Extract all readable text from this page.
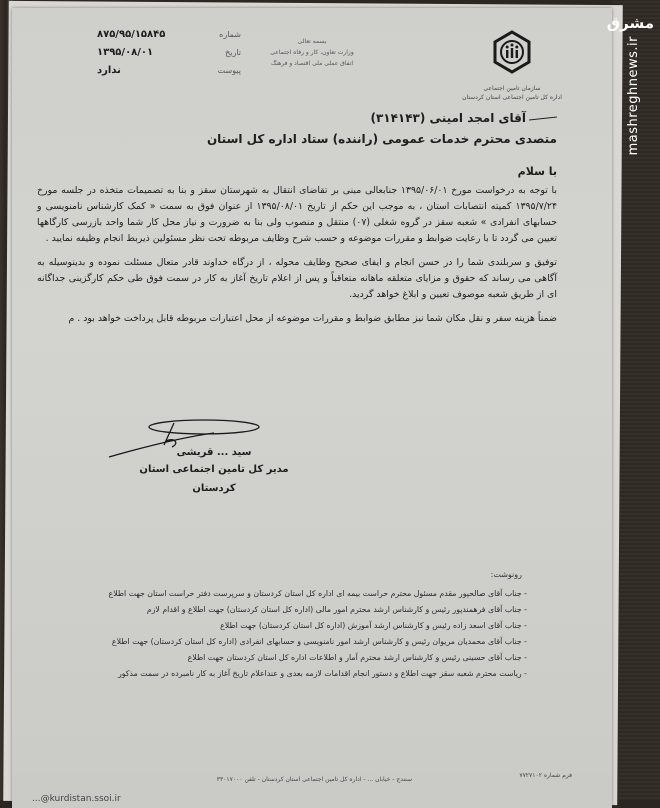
شماره
۸۷۵/۹۵/۱۵۸۴۵
تاریخ
۱۳۹۵/۰۸/۰۱
پیوست
ندارد
بسمه تعالی
وزارت تعاون، کار و رفاه اجتماعی
اتفاق عملی ملی اقتصاد و فرهنگ
سازمان تامین اجتماعی
اداره کل تامین اجتماعی استان کردستان
آقای امجد امینی (۳۱۴۱۴۳)
متصدی محترم خدمات عمومی (راننده) ستاد اداره کل استان
با سلام

با توجه به درخواست مورخ ۱۳۹۵/۰۶/۰۱ جنابعالی مبنی بر تقاضای انتقال به شهرستان سقز و بنا به تصمیمات متخذه در جلسه مورخ ۱۳۹۵/۷/۲۴ کمیته انتصابات استان ، به موجب این حکم از تاریخ ۱۳۹۵/۰۸/۰۱ از عنوان فوق به سمت « کمک کارشناس نامنویسی و حسابهای انفرادی » شعبه سقز در گروه شغلی (۰۷) منتقل و منصوب ولی بنا به ضرورت و نیاز محل کار شما واحد بازرسی کارگاهها تعیین می گردد تا با رعایت ضوابط و مقررات موضوعه و حسب شرح وظایف مربوطه تحت نظر مسئولین ذیربط انجام وظیفه نمایید .

توفیق و سربلندی شما را در حسن انجام و ایفای صحیح وظایف محوله ، از درگاه خداوند قادر متعال مسئلت نموده و بدینوسیله به آگاهی می رساند که حقوق و مزایای متعلقه ماهانه متعاقباً و پس از اعلام تاریخ آغاز به کار در سمت فوق طی حکم کارگزینی جداگانه ای از طریق شعبه موصوف تعیین و ابلاغ خواهد گردید.

ضمناً هزینه سفر و نقل مکان شما نیز مطابق ضوابط و مقررات موضوعه از محل اعتبارات مربوطه قابل پرداخت خواهد بود . م

سید ... قریشی
مدیر کل تامین اجتماعی استان
کردستان
رونوشت:
- جناب آقای صالحپور مقدم مسئول محترم حراست بیمه ای اداره کل استان کردستان و سرپرست دفتر حراست استان جهت اطلاع
- جناب آقای فرهمندپور رئیس و کارشناس ارشد محترم امور مالی (اداره کل استان کردستان) جهت اطلاع و اقدام لازم
- جناب آقای اسعد زاده رئیس و کارشناس ارشد آموزش (اداره کل استان کردستان) جهت اطلاع
- جناب آقای محمدیان مریوان رئیس و کارشناس ارشد امور نامنویسی و حسابهای انفرادی (اداره کل استان کردستان) جهت اطلاع
- جناب آقای حسینی رئیس و کارشناس ارشد محترم آمار و اطلاعات اداره کل استان کردستان جهت اطلاع
- ریاست محترم شعبه سقز جهت اطلاع و دستور انجام اقدامات لازمه بعدی و عنداعلام تاریخ آغاز به کار نامبرده در سمت مذکور
فرم شماره ۷۷۲۷۱۰۲
سنندج - خیابان ... - اداره کل تامین اجتماعی استان کردستان - تلفن ۳۳۰۱۷۰۰۰
...@kurdistan.ssoi.ir
مشرق
mashreghnews.ir
